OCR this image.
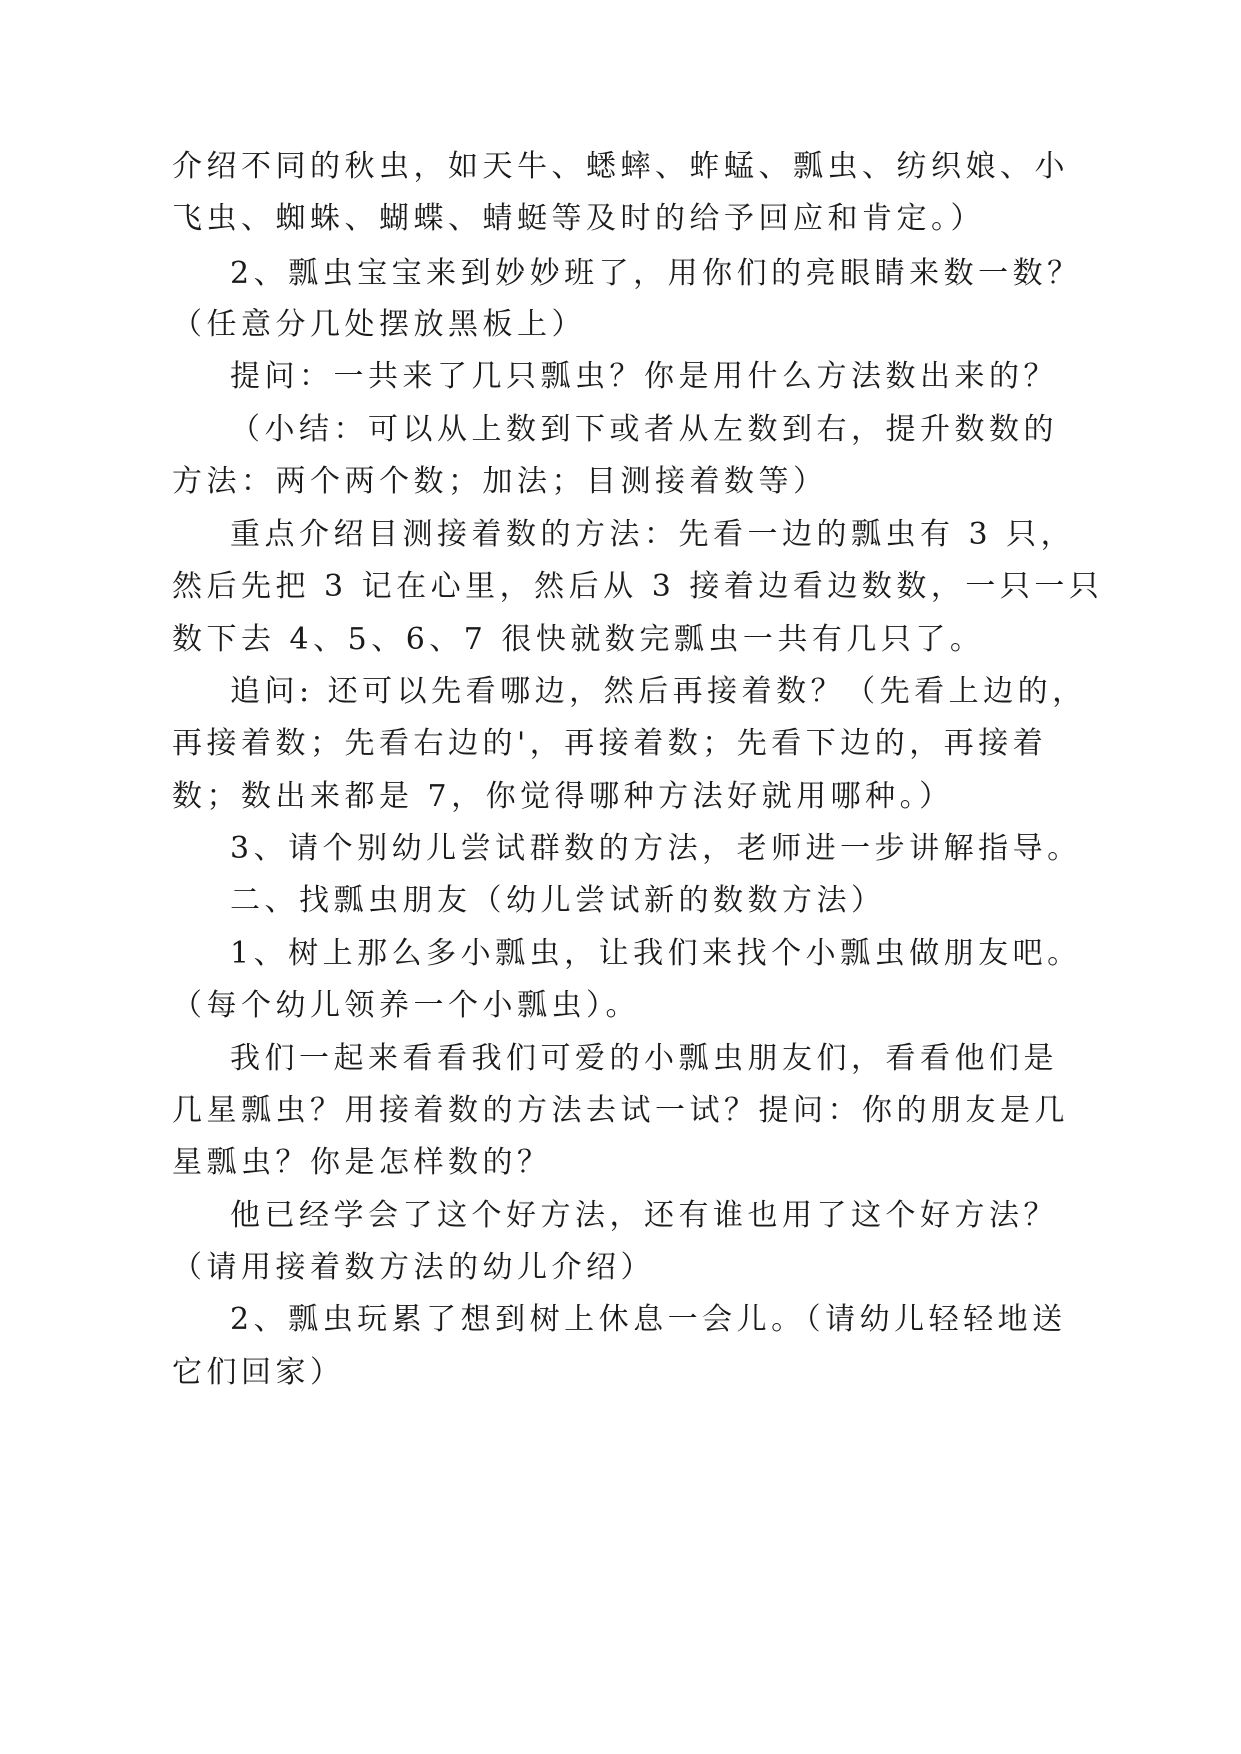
介绍不同的秋虫，如天牛、蟋蟀、蚱蜢、瓢虫、纺织娘、小
飞虫、蜘蛛、蝴蝶、蜻蜓等及时的给予回应和肯定。）
2、瓢虫宝宝来到妙妙班了，用你们的亮眼睛来数一数？
（任意分几处摆放黑板上）
提问：一共来了几只瓢虫？你是用什么方法数出来的？
（小结：可以从上数到下或者从左数到右，提升数数的
方法：两个两个数；加法；目测接着数等）
重点介绍目测接着数的方法：先看一边的瓢虫有 3 只，
然后先把 3 记在心里，然后从 3 接着边看边数数，一只一只
数下去 4、5、6、7 很快就数完瓢虫一共有几只了。
追问: 还可以先看哪边，然后再接着数？（先看上边的，
再接着数；先看右边的'，再接着数；先看下边的，再接着
数；数出来都是 7，你觉得哪种方法好就用哪种。）
3、请个别幼儿尝试群数的方法，老师进一步讲解指导。
二、找瓢虫朋友（幼儿尝试新的数数方法）
1、树上那么多小瓢虫，让我们来找个小瓢虫做朋友吧。
（每个幼儿领养一个小瓢虫）。
我们一起来看看我们可爱的小瓢虫朋友们，看看他们是
几星瓢虫？用接着数的方法去试一试？提问：你的朋友是几
星瓢虫？你是怎样数的？
他已经学会了这个好方法，还有谁也用了这个好方法？
（请用接着数方法的幼儿介绍）
2、瓢虫玩累了想到树上休息一会儿。（请幼儿轻轻地送
它们回家）
